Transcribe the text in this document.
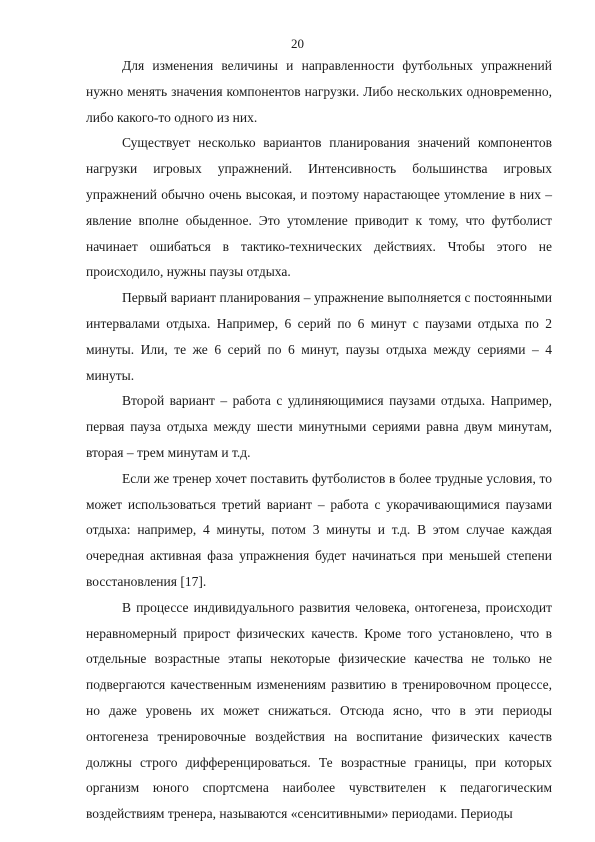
20

Для изменения величины и направленности футбольных упражнений нужно менять значения компонентов нагрузки. Либо нескольких одновременно, либо какого-то одного из них.

Существует несколько вариантов планирования значений компонентов нагрузки игровых упражнений. Интенсивность большинства игровых упражнений обычно очень высокая, и поэтому нарастающее утомление в них – явление вполне обыденное. Это утомление приводит к тому, что футболист начинает ошибаться в тактико-технических действиях. Чтобы этого не происходило, нужны паузы отдыха.

Первый вариант планирования – упражнение выполняется с постоянными интервалами отдыха. Например, 6 серий по 6 минут с паузами отдыха по 2 минуты. Или, те же 6 серий по 6 минут, паузы отдыха между сериями – 4 минуты.

Второй вариант – работа с удлиняющимися паузами отдыха. Например, первая пауза отдыха между шести минутными сериями равна двум минутам, вторая – трем минутам и т.д.

Если же тренер хочет поставить футболистов в более трудные условия, то может использоваться третий вариант – работа с укорачивающимися паузами отдыха: например, 4 минуты, потом 3 минуты и т.д. В этом случае каждая очередная активная фаза упражнения будет начинаться при меньшей степени восстановления [17].

В процессе индивидуального развития человека, онтогенеза, происходит неравномерный прирост физических качеств. Кроме того установлено, что в отдельные возрастные этапы некоторые физические качества не только не подвергаются качественным изменениям развитию в тренировочном процессе, но даже уровень их может снижаться. Отсюда ясно, что в эти периоды онтогенеза тренировочные воздействия на воспитание физических качеств должны строго дифференцироваться. Те возрастные границы, при которых организм юного спортсмена наиболее чувствителен к педагогическим воздействиям тренера, называются «сенситивными» периодами. Периоды
